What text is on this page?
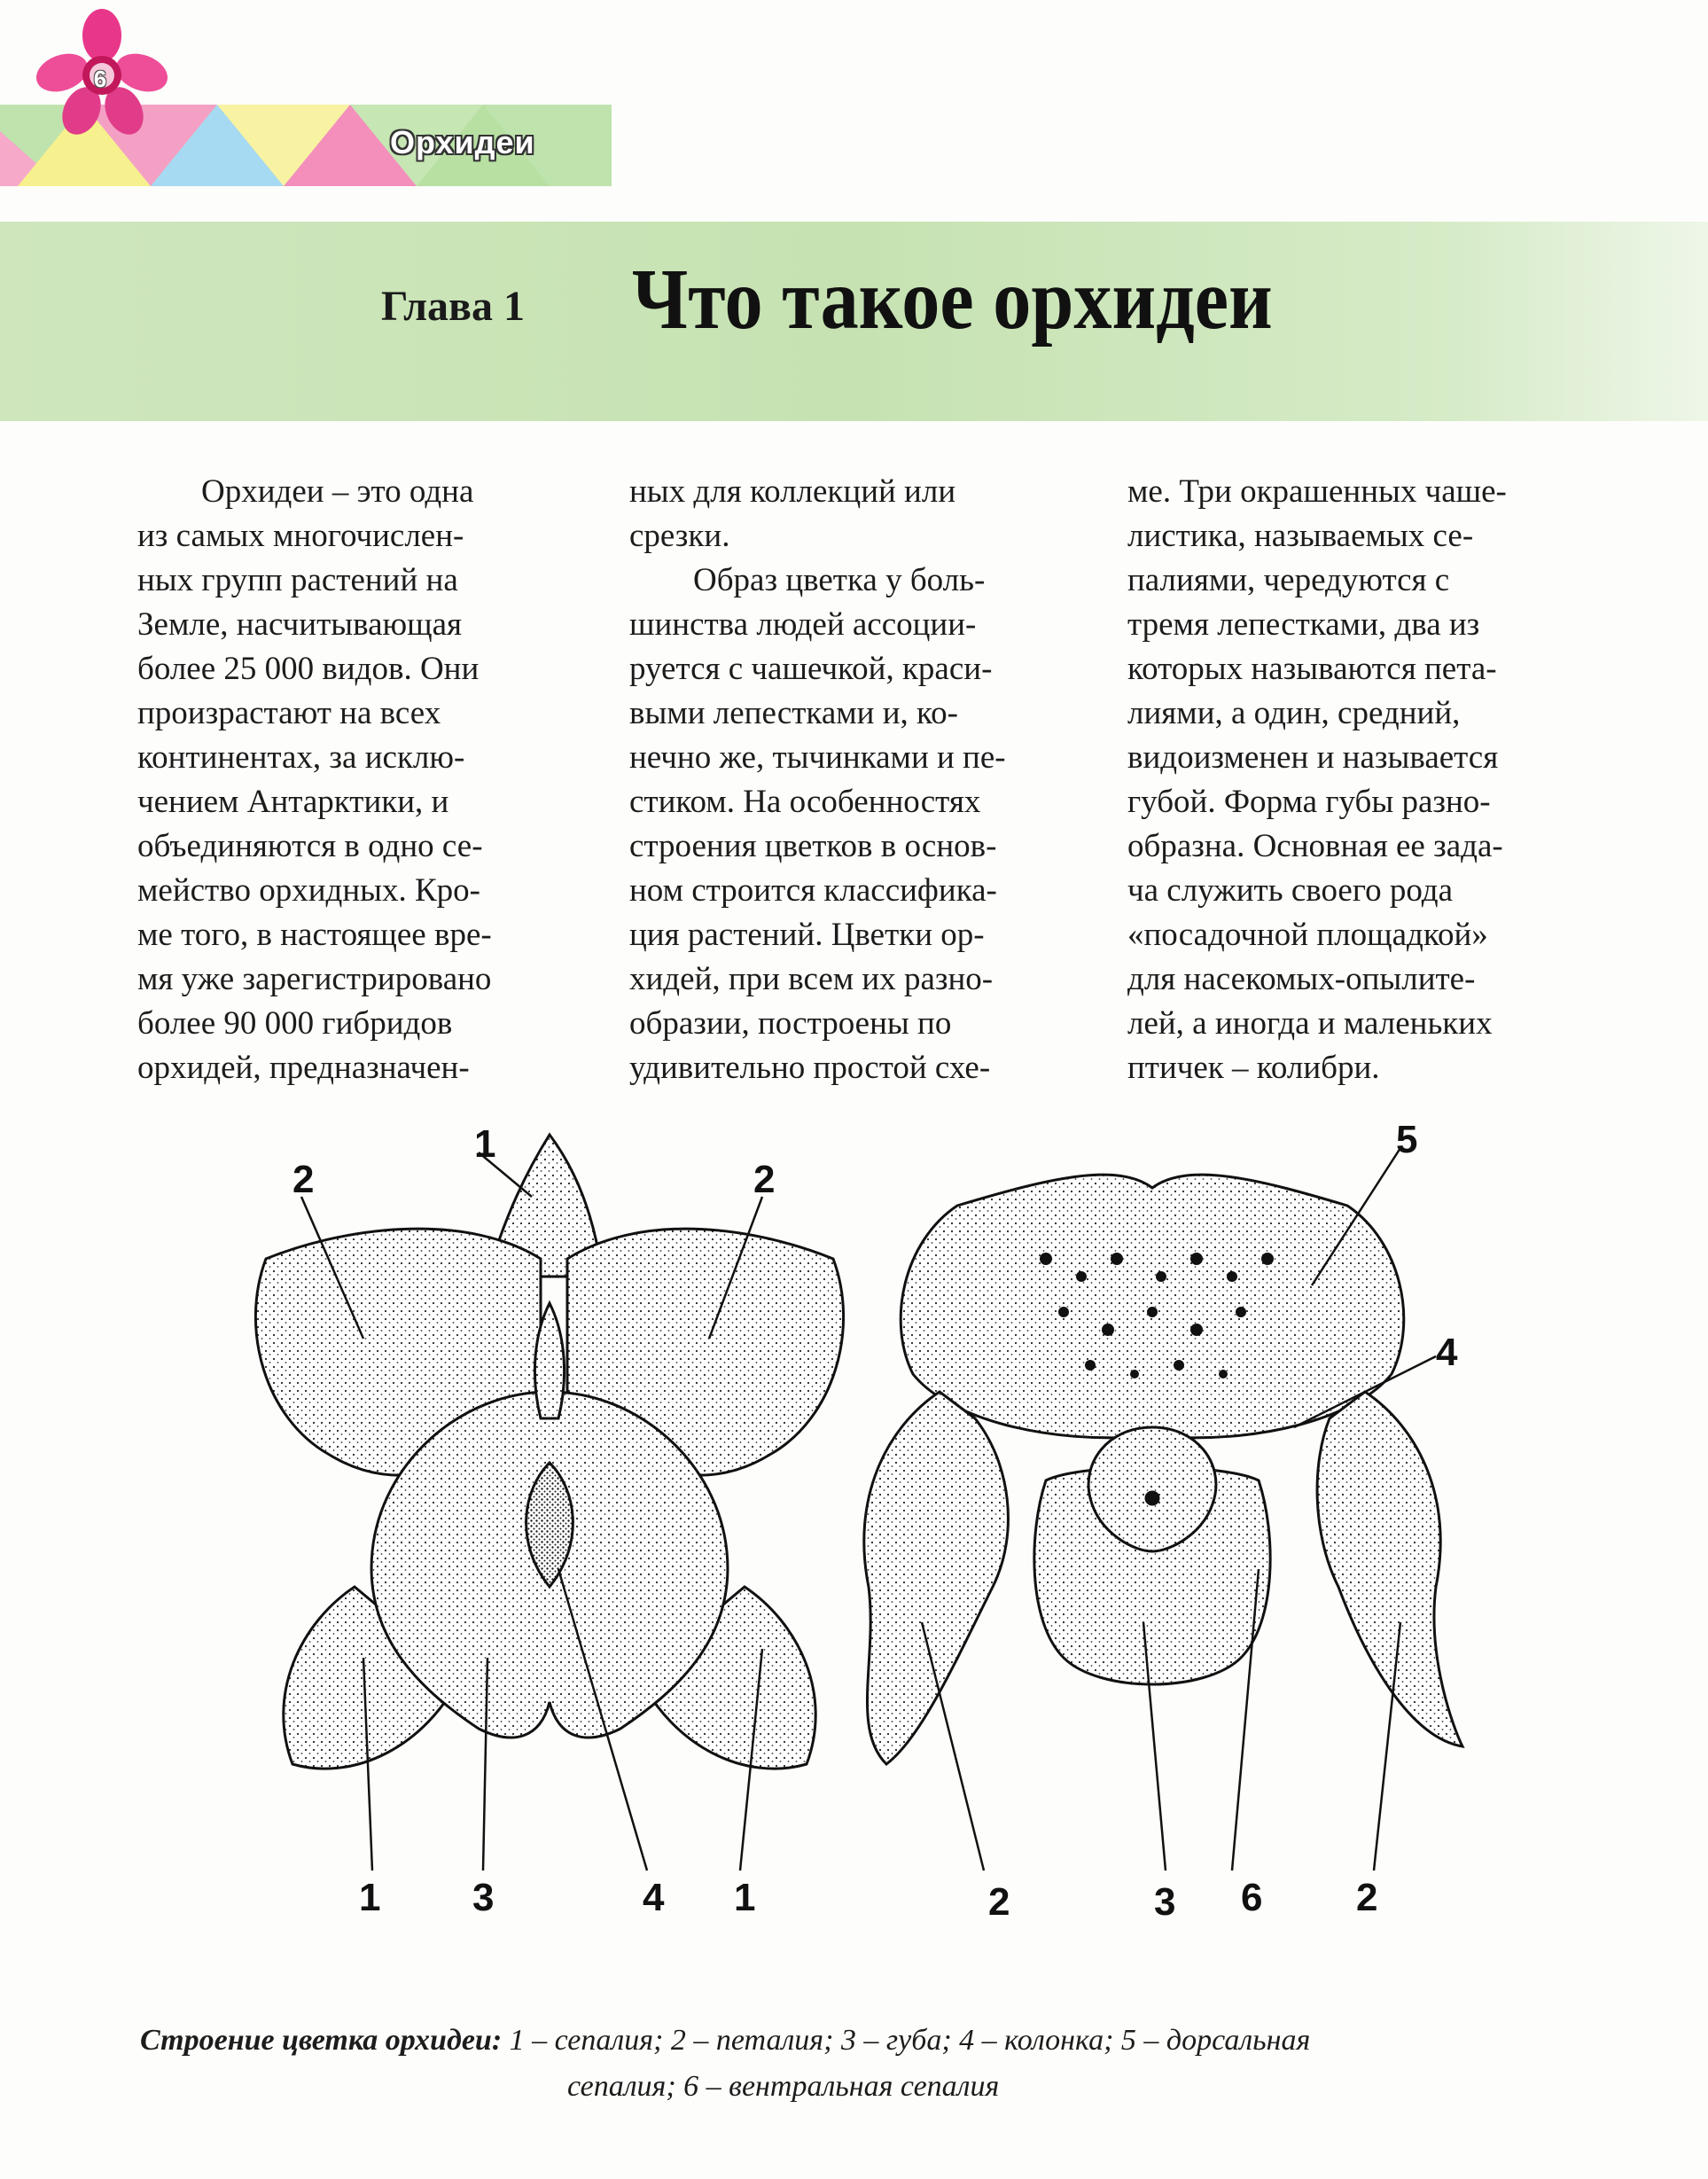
6
Орхидеи
Глава 1 Что такое орхидеи
Орхидеи – это одна
из самых многочислен-
ных групп растений на
Земле, насчитывающая
более 25 000 видов. Они
произрастают на всех
континентах, за исклю-
чением Антарктики, и
объединяются в одно се-
мейство орхидных. Кро-
ме того, в настоящее вре-
мя уже зарегистрировано
более 90 000 гибридов
орхидей, предназначен-
ных для коллекций или
срезки.
Образ цветка у боль-
шинства людей ассоции-
руется с чашечкой, краси-
выми лепестками и, ко-
нечно же, тычинками и пе-
стиком. На особенностях
строения цветков в основ-
ном строится классифика-
ция растений. Цветки ор-
хидей, при всем их разно-
образии, построены по
удивительно простой схе-
ме. Три окрашенных чаше-
листика, называемых се-
палиями, чередуются с
тремя лепестками, два из
которых называются пета-
лиями, а один, средний,
видоизменен и называется
губой. Форма губы разно-
образна. Основная ее зада-
ча служить своего рода
«посадочной площадкой»
для насекомых-опылите-
лей, а иногда и маленьких
птичек – колибри.
1
2	2
1 3	4 1
5
4
2	3 6 2
Строение цветка орхидеи: 1 – сепалия; 2 – петалия; 3 – губа; 4 – колонка; 5 – дорсальная
сепалия; 6 – вентральная сепалия
